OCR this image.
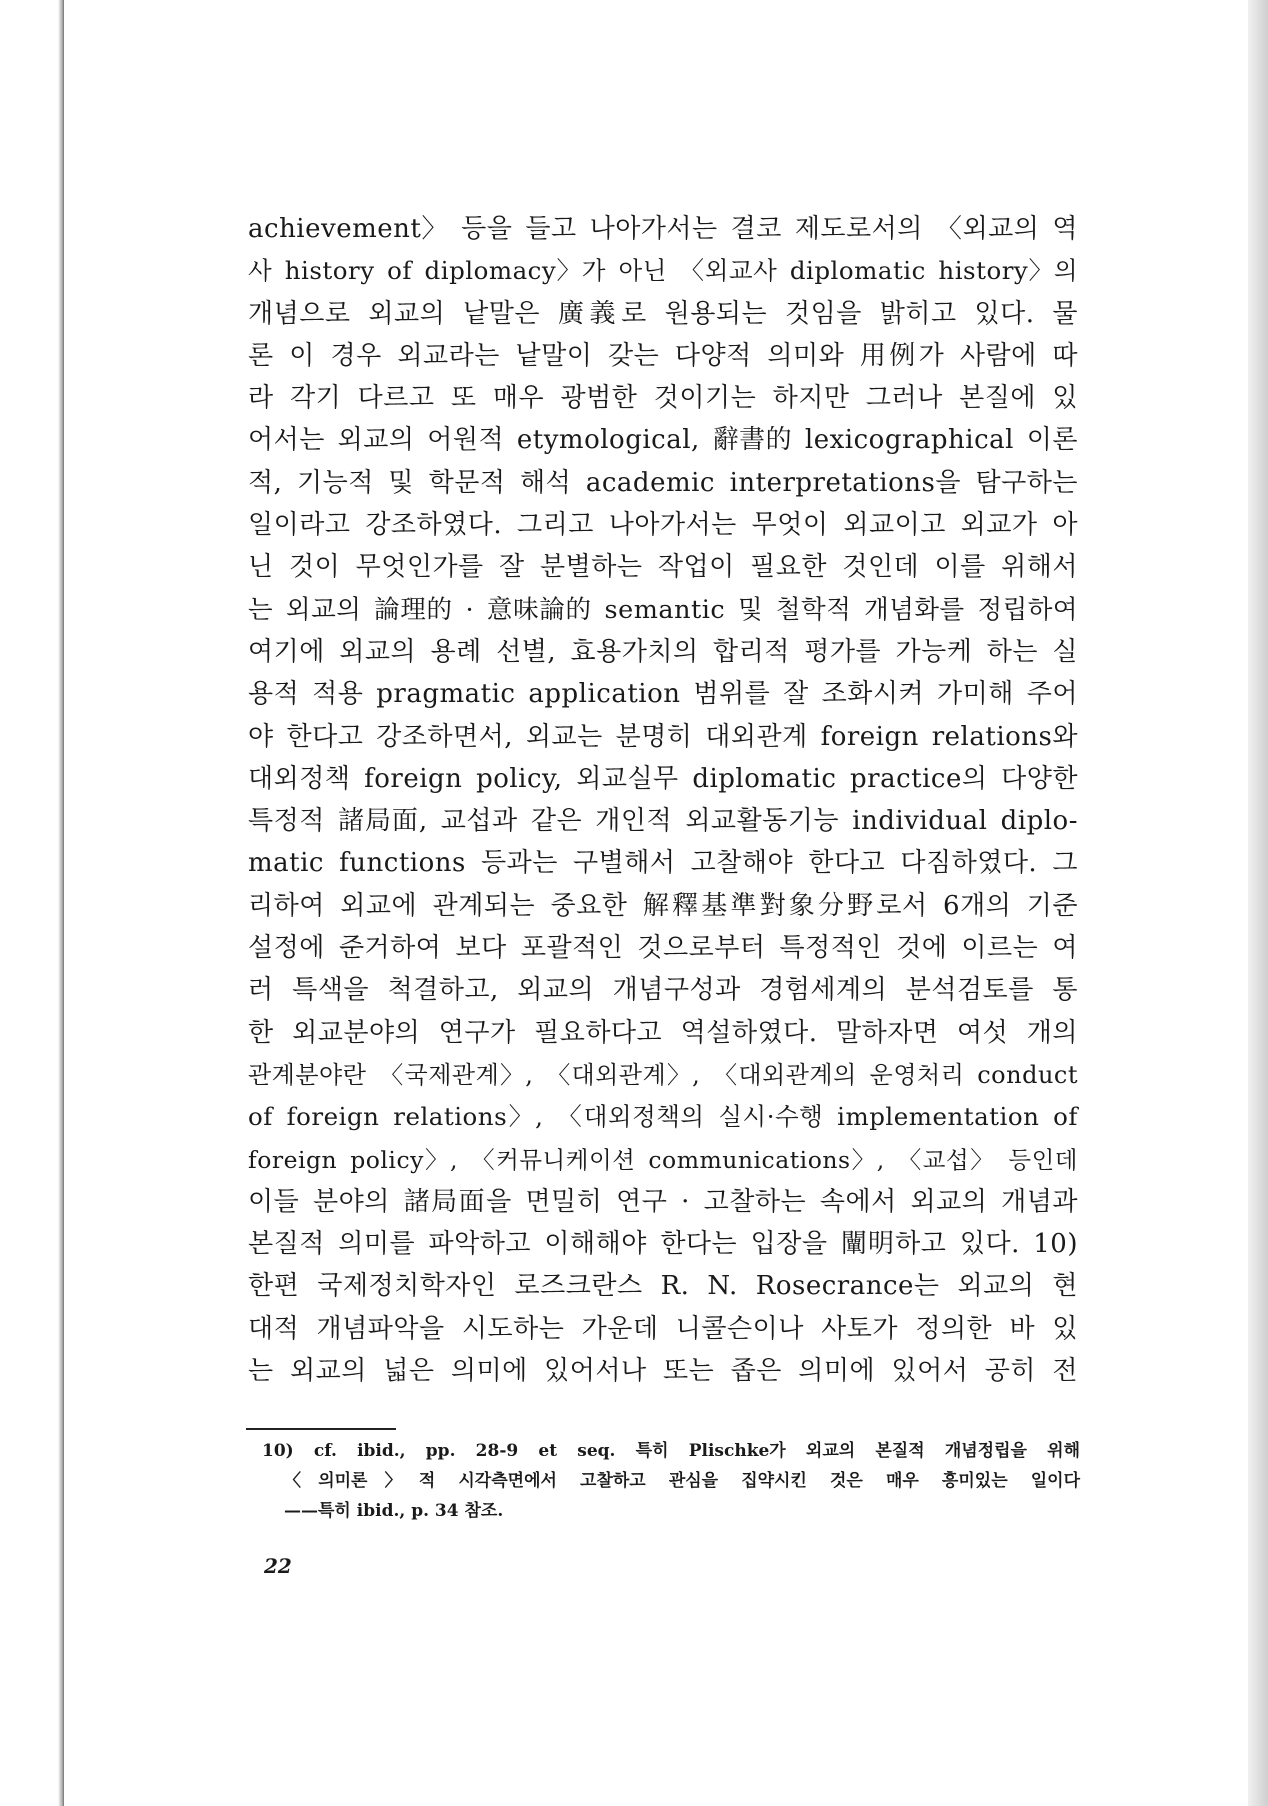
achievement〉 등을 들고 나아가서는 결코 제도로서의 〈외교의 역
사 history of diplomacy〉가 아닌 〈외교사 diplomatic history〉의
개념으로 외교의 낱말은 廣義로 원용되는 것임을 밝히고 있다. 물
론 이 경우 외교라는 낱말이 갖는 다양적 의미와 用例가 사람에 따
라 각기 다르고 또 매우 광범한 것이기는 하지만 그러나 본질에 있
어서는 외교의 어원적 etymological, 辭書的 lexicographical 이론
적, 기능적 및 학문적 해석 academic interpretations을 탐구하는
일이라고 강조하였다. 그리고 나아가서는 무엇이 외교이고 외교가 아
닌 것이 무엇인가를 잘 분별하는 작업이 필요한 것인데 이를 위해서
는 외교의 論理的 · 意味論的 semantic 및 철학적 개념화를 정립하여
여기에 외교의 용례 선별, 효용가치의 합리적 평가를 가능케 하는 실
용적 적용 pragmatic application 범위를 잘 조화시켜 가미해 주어
야 한다고 강조하면서, 외교는 분명히 대외관계 foreign relations와
대외정책 foreign policy, 외교실무 diplomatic practice의 다양한
특정적 諸局面, 교섭과 같은 개인적 외교활동기능 individual diplo-
matic functions 등과는 구별해서 고찰해야 한다고 다짐하였다. 그
리하여 외교에 관계되는 중요한 解釋基準對象分野로서 6개의 기준
설정에 준거하여 보다 포괄적인 것으로부터 특정적인 것에 이르는 여
러 특색을 척결하고, 외교의 개념구성과 경험세계의 분석검토를 통
한 외교분야의 연구가 필요하다고 역설하였다. 말하자면 여섯 개의
관계분야란 〈국제관계〉, 〈대외관계〉, 〈대외관계의 운영처리 conduct
of foreign relations〉, 〈대외정책의 실시·수행 implementation of
foreign policy〉, 〈커뮤니케이션 communications〉, 〈교섭〉 등인데
이들 분야의 諸局面을 면밀히 연구 · 고찰하는 속에서 외교의 개념과
본질적 의미를 파악하고 이해해야 한다는 입장을 闡明하고 있다. 10)
한편 국제정치학자인 로즈크란스 R. N. Rosecrance는 외교의 현
대적 개념파악을 시도하는 가운데 니콜슨이나 사토가 정의한 바 있
는 외교의 넓은 의미에 있어서나 또는 좁은 의미에 있어서 공히 전
10) cf. ibid., pp. 28-9 et seq. 특히 Plischke가 외교의 본질적 개념정립을 위해
〈의미론〉적 시각측면에서 고찰하고 관심을 집약시킨 것은 매우 흥미있는 일이다
——특히 ibid., p. 34 참조.
22
